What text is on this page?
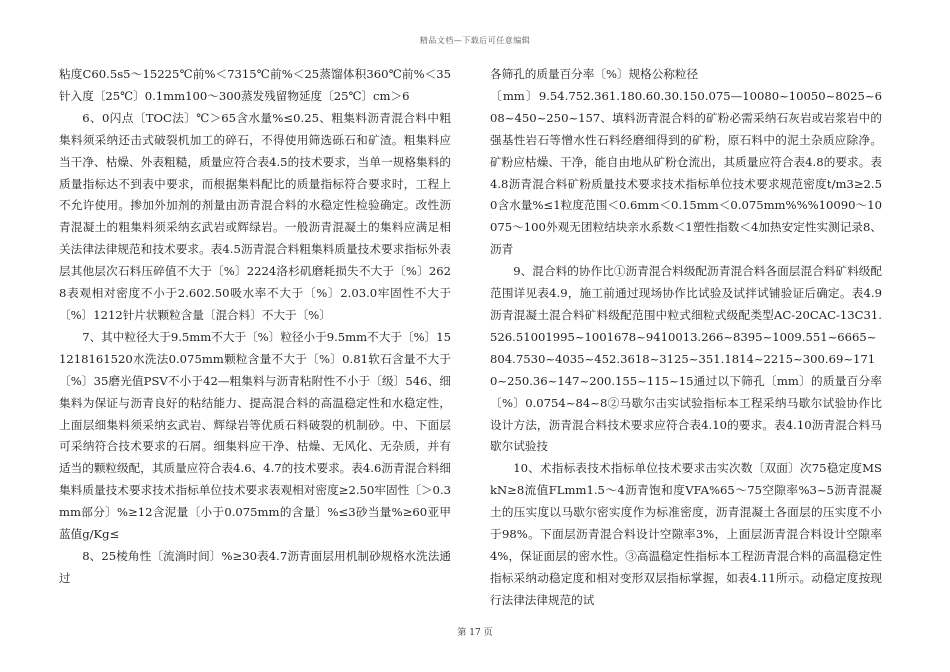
精品文档—下载后可任意编辑

粘度C60.5s5～15225℃前%＜7315℃前%＜25蒸馏体积360℃前%＜35针入度〔25℃〕0.1mm100～300蒸发残留物延度〔25℃〕cm＞6

6、0闪点〔TOC法〕℃＞65含水量%≤0.25、粗集料沥青混合料中粗集料须采纳还击式破裂机加工的碎石，不得使用筛选砾石和矿渣。粗集料应当干净、枯燥、外表粗糙，质量应符合表4.5的技术要求，当单一规格集料的质量指标达不到表中要求，而根据集料配比的质量指标符合要求时，工程上不允许使用。掺加外加剂的剂量由沥青混合料的水稳定性检验确定。改性沥青混凝土的粗集料须采纳玄武岩或辉绿岩。一般沥青混凝土的集料应满足相关法律法律规范和技术要求。表4.5沥青混合料粗集料质量技术要求指标外表层其他层次石料压碎值不大于〔%〕2224洛杉矶磨耗损失不大于〔%〕2628表观相对密度不小于2.602.50吸水率不大于〔%〕2.03.0牢固性不大于〔%〕1212针片状颗粒含量〔混合料〕不大于〔%〕

7、其中粒径大于9.5mm不大于〔%〕粒径小于9.5mm不大于〔%〕151218161520水洗法0.075mm颗粒含量不大于〔%〕0.81软石含量不大于〔%〕35磨光值PSV不小于42—粗集料与沥青粘附性不小于〔级〕546、细集料为保证与沥青良好的粘结能力、提高混合料的高温稳定性和水稳定性，上面层细集料须采纳玄武岩、辉绿岩等优质石料破裂的机制砂。中、下面层可采纳符合技术要求的石屑。细集料应干净、枯燥、无风化、无杂质，并有适当的颗粒级配，其质量应符合表4.6、4.7的技术要求。表4.6沥青混合料细集料质量技术要求技术指标单位技术要求表观相对密度≥2.50牢固性〔＞0.3mm部分〕%≥12含泥量〔小于0.075mm的含量〕%≤3砂当量%≥60亚甲蓝值g/Kg≤

8、25棱角性〔流淌时间〕%≥30表4.7沥青面层用机制砂规格水洗法通过

各筛孔的质量百分率〔%〕规格公称粒径

〔mm〕9.54.752.361.180.60.30.150.075—10080~10050~8025~608~450~250~157、填料沥青混合料的矿粉必需采纳石灰岩或岩浆岩中的强基性岩石等憎水性石料经磨细得到的矿粉，原石料中的泥土杂质应除净。矿粉应枯燥、干净，能自由地从矿粉仓流出，其质量应符合表4.8的要求。表4.8沥青混合料矿粉质量技术要求技术指标单位技术要求规范密度t/m3≥2.50含水量%≤1粒度范围＜0.6mm＜0.15mm＜0.075mm%%%10090～10075～100外观无团粒结块亲水系数＜1塑性指数＜4加热安定性实测记录8、沥青

9、混合料的协作比①沥青混合料级配沥青混合料各面层混合料矿料级配范围详见表4.9，施工前通过现场协作比试验及试拌试铺验证后确定。表4.9沥青混凝土混合料矿料级配范围中粒式细粒式级配类型AC-20CAC-13C31.526.51001995~1001678~9410013.266~8395~1009.551~6665~804.7530~4035~452.3618~3125~351.1814~2215~300.69~1710~250.36~147~200.155~115~15通过以下筛孔〔mm〕的质量百分率〔%〕0.0754~84~8②马歇尔击实试验指标本工程采纳马歇尔试验协作比设计方法，沥青混合料技术要求应符合表4.10的要求。表4.10沥青混合料马歇尔试验技

10、术指标表技术指标单位技术要求击实次数〔双面〕次75稳定度MSkN≥8流值FLmm1.5～4沥青饱和度VFA%65～75空隙率%3~5沥青混凝土的压实度以马歇尔密实度作为标准密度，沥青混凝土各面层的压实度不小于98%。下面层沥青混合料设计空隙率3%，上面层沥青混合料设计空隙率4%，保证面层的密水性。③高温稳定性指标本工程沥青混合料的高温稳定性指标采纳动稳定度和相对变形双层指标掌握，如表4.11所示。动稳定度按现行法律法律规范的试

第 17 页
